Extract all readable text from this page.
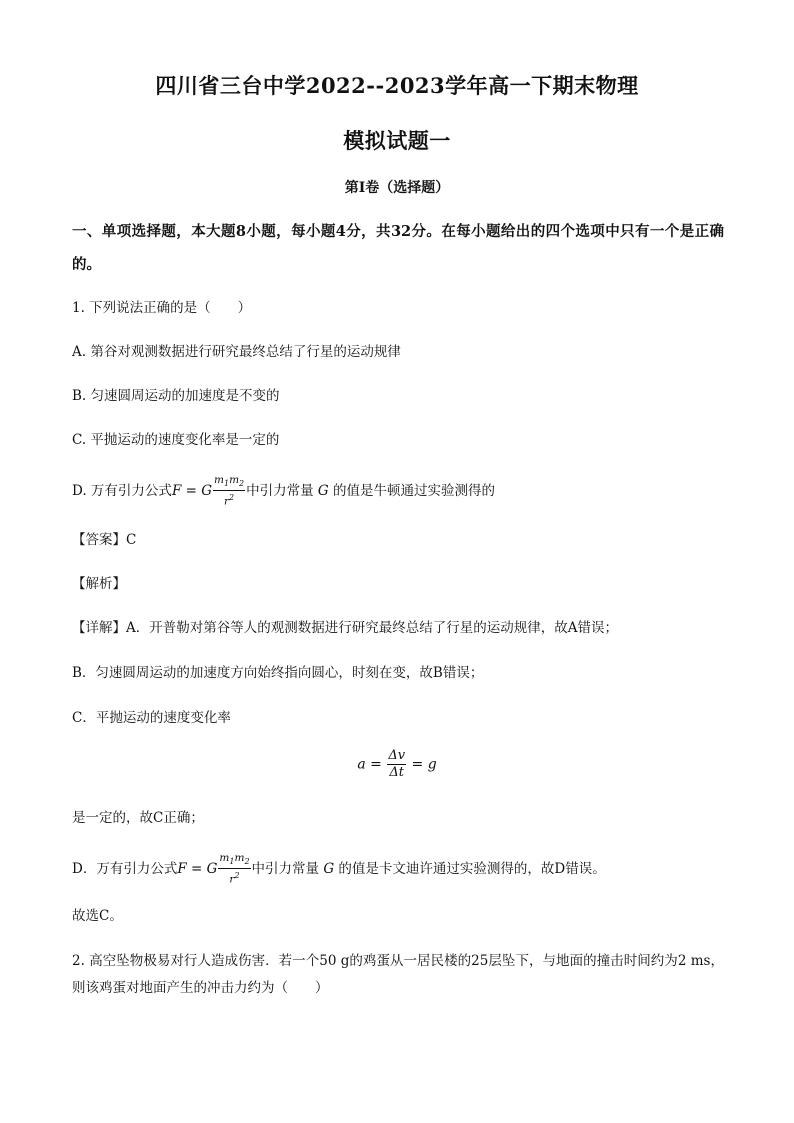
四川省三台中学2022--2023学年高一下期末物理
模拟试题一
第I卷（选择题）
一、单项选择题，本大题8小题，每小题4分，共32分。在每小题给出的四个选项中只有一个是正确的。
1. 下列说法正确的是（　　）
A. 第谷对观测数据进行研究最终总结了行星的运动规律
B. 匀速圆周运动的加速度是不变的
C. 平抛运动的速度变化率是一定的
D. 万有引力公式F = G $\frac{m_1m_2}{r^2}$ 中引力常量 G 的值是牛顿通过实验测得的
【答案】C
【解析】
【详解】A．开普勒对第谷等人的观测数据进行研究最终总结了行星的运动规律，故A错误；
B．匀速圆周运动的加速度方向始终指向圆心，时刻在变，故B错误；
C．平抛运动的速度变化率
$a = \frac{\Delta v}{\Delta t} = g$
是一定的，故C正确；
D．万有引力公式F = G $\frac{m_1m_2}{r^2}$ 中引力常量 G 的值是卡文迪许通过实验测得的，故D错误。
故选C。
2. 高空坠物极易对行人造成伤害．若一个50 g的鸡蛋从一居民楼的25层坠下，与地面的撞击时间约为2 ms，则该鸡蛋对地面产生的冲击力约为（　　）
